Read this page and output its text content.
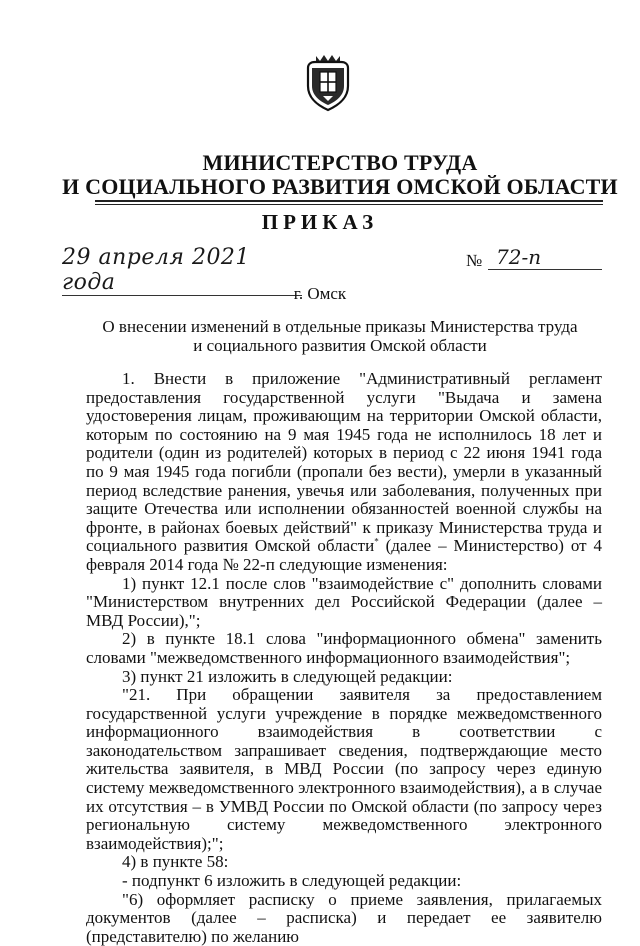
МИНИСТЕРСТВО ТРУДА
И СОЦИАЛЬНОГО РАЗВИТИЯ ОМСКОЙ ОБЛАСТИ
ПРИКАЗ
29 апреля 2021 года
№ 72-п
г. Омск
О внесении изменений в отдельные приказы Министерства труда
и социального развития Омской области

1. Внести в приложение "Административный регламент предоставления государственной услуги "Выдача и замена удостоверения лицам, проживающим на территории Омской области, которым по состоянию на 9 мая 1945 года не исполнилось 18 лет и родители (один из родителей) которых в период с 22 июня 1941 года по 9 мая 1945 года погибли (пропали без вести), умерли в указанный период вследствие ранения, увечья или заболевания, полученных при защите Отечества или исполнении обязанностей военной службы на фронте, в районах боевых действий" к приказу Министерства труда и социального развития Омской области* (далее – Министерство) от 4 февраля 2014 года № 22-п следующие изменения:

1) пункт 12.1 после слов "взаимодействие с" дополнить словами "Министерством внутренних дел Российской Федерации (далее – МВД России),";

2) в пункте 18.1 слова "информационного обмена" заменить словами "межведомственного информационного взаимодействия";

3) пункт 21 изложить в следующей редакции:

"21. При обращении заявителя за предоставлением государственной услуги учреждение в порядке межведомственного информационного взаимодействия в соответствии с законодательством запрашивает сведения, подтверждающие место жительства заявителя, в МВД России (по запросу через единую систему межведомственного электронного взаимодействия), а в случае их отсутствия – в УМВД России по Омской области (по запросу через региональную систему межведомственного электронного взаимодействия);";

4) в пункте 58:

- подпункт 6 изложить в следующей редакции:

"6) оформляет расписку о приеме заявления, прилагаемых документов (далее – расписка) и передает ее заявителю (представителю) по желанию
